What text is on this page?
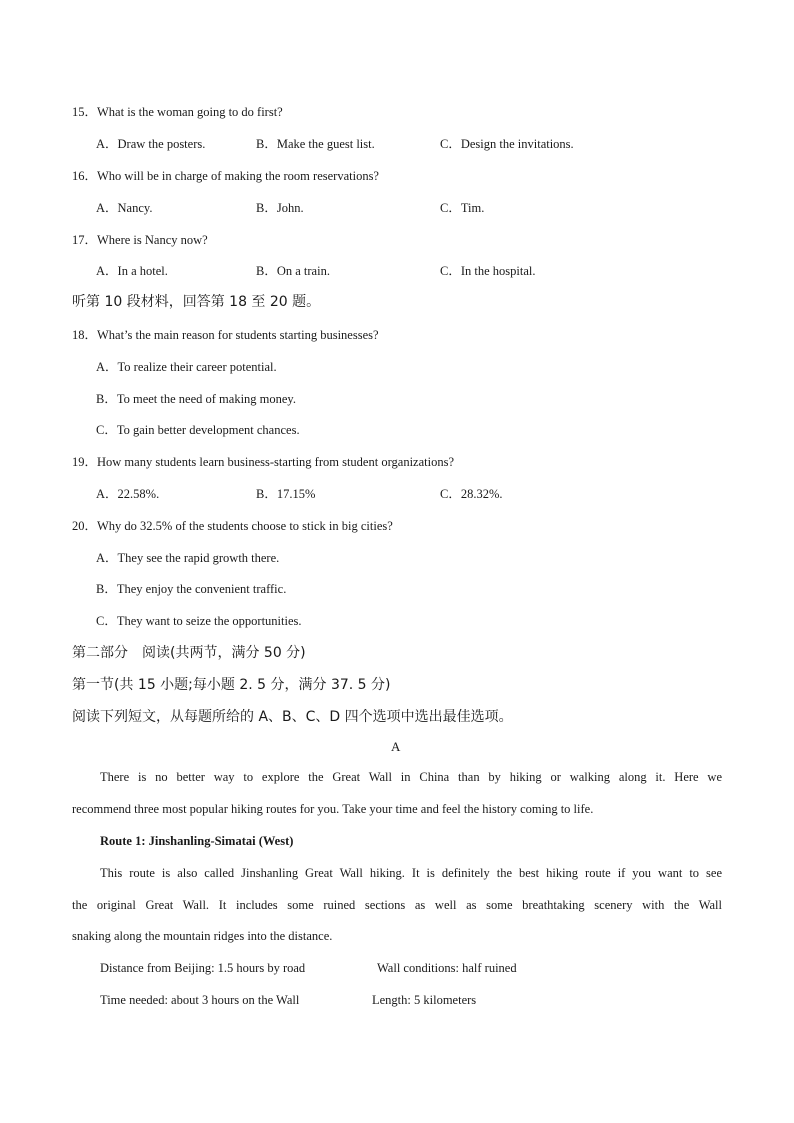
15．What is the woman going to do first?
A．Draw the posters.	B．Make the guest list.	C．Design the invitations.
16．Who will be in charge of making the room reservations?
A．Nancy.	B．John.	C．Tim.
17．Where is Nancy now?
A．In a hotel.	B．On a train.	C．In the hospital.
听第 10 段材料，回答第 18 至 20 题。
18．What’s the main reason for students starting businesses?
A．To realize their career potential.
B．To meet the need of making money.
C．To gain better development chances.
19．How many students learn business-starting from student organizations?
A．22.58%.	B．17.15%	C．28.32%.
20．Why do 32.5% of the students choose to stick in big cities?
A．They see the rapid growth there.
B．They enjoy the convenient traffic.
C．They want to seize the opportunities.
第二部分　阅读(共两节，满分 50 分)
第一节(共 15 小题;每小题 2. 5 分，满分 37. 5 分)
阅读下列短文，从每题所给的 A、B、C、D 四个选项中选出最佳选项。
A
There is no better way to explore the Great Wall in China than by hiking or walking along it. Here we
recommend three most popular hiking routes for you. Take your time and feel the history coming to life.
Route 1: Jinshanling-Simatai (West)
This route is also called Jinshanling Great Wall hiking. It is definitely the best hiking route if you want to see
the original Great Wall. It includes some ruined sections as well as some breathtaking scenery with the Wall
snaking along the mountain ridges into the distance.
Distance from Beijing: 1.5 hours by road	Wall conditions: half ruined
Time needed: about 3 hours on the Wall	Length: 5 kilometers
